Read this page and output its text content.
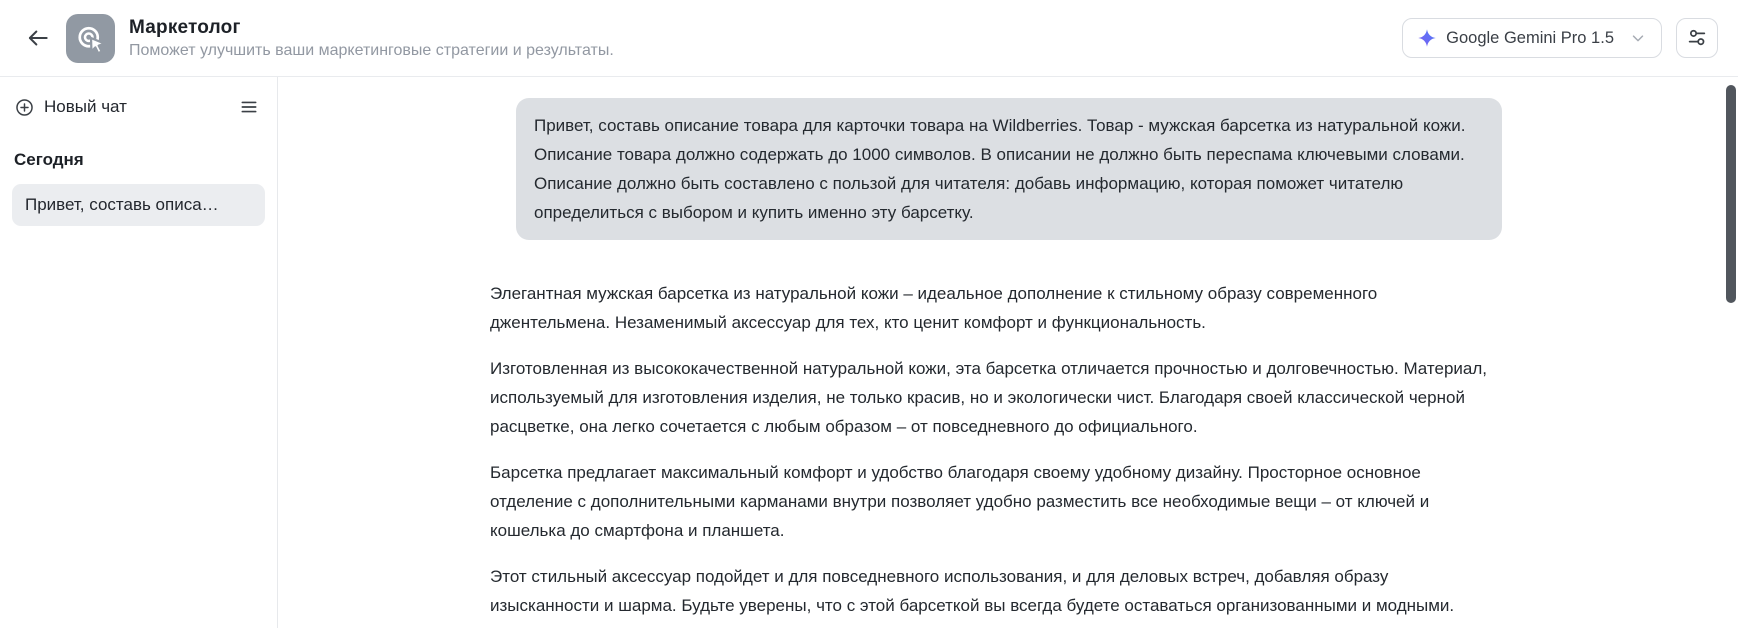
Маркетолог
Поможет улучшить ваши маркетинговые стратегии и результаты.
Google Gemini Pro 1.5
Новый чат
Сегодня
Привет, составь описа…
Привет, составь описание товара для карточки товара на Wildberries. Товар - мужская барсетка из натуральной кожи. Описание товара должно содержать до 1000 символов. В описании не должно быть переспама ключевыми словами. Описание должно быть составлено с пользой для читателя: добавь информацию, которая поможет читателю определиться с выбором и купить именно эту барсетку.

Элегантная мужская барсетка из натуральной кожи – идеальное дополнение к стильному образу современного джентельмена. Незаменимый аксессуар для тех, кто ценит комфорт и функциональность.

Изготовленная из высококачественной натуральной кожи, эта барсетка отличается прочностью и долговечностью. Материал, используемый для изготовления изделия, не только красив, но и экологически чист. Благодаря своей классической черной расцветке, она легко сочетается с любым образом – от повседневного до официального.

Барсетка предлагает максимальный комфорт и удобство благодаря своему удобному дизайну. Просторное основное отделение с дополнительными карманами внутри позволяет удобно разместить все необходимые вещи – от ключей и кошелька до смартфона и планшета.

Этот стильный аксессуар подойдет и для повседневного использования, и для деловых встреч, добавляя образу изысканности и шарма. Будьте уверены, что с этой барсеткой вы всегда будете оставаться организованными и модными.
